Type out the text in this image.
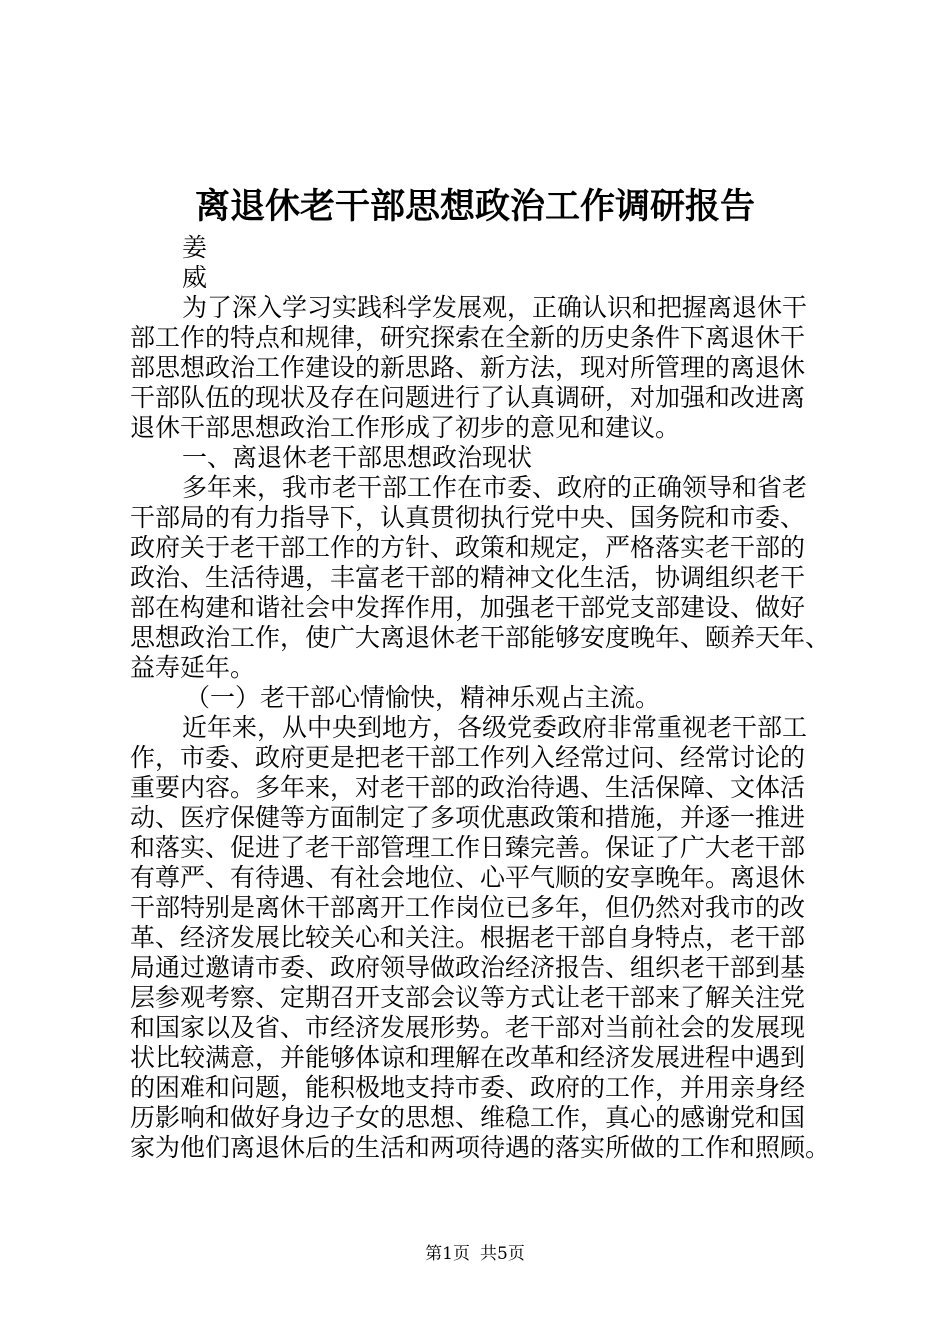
离退休老干部思想政治工作调研报告
姜
威
为了深入学习实践科学发展观，正确认识和把握离退休干
部工作的特点和规律，研究探索在全新的历史条件下离退休干
部思想政治工作建设的新思路、新方法，现对所管理的离退休
干部队伍的现状及存在问题进行了认真调研，对加强和改进离
退休干部思想政治工作形成了初步的意见和建议。
一、离退休老干部思想政治现状
多年来，我市老干部工作在市委、政府的正确领导和省老
干部局的有力指导下，认真贯彻执行党中央、国务院和市委、
政府关于老干部工作的方针、政策和规定，严格落实老干部的
政治、生活待遇，丰富老干部的精神文化生活，协调组织老干
部在构建和谐社会中发挥作用，加强老干部党支部建设、做好
思想政治工作，使广大离退休老干部能够安度晚年、颐养天年、
益寿延年。
（一）老干部心情愉快，精神乐观占主流。
近年来，从中央到地方，各级党委政府非常重视老干部工
作，市委、政府更是把老干部工作列入经常过问、经常讨论的
重要内容。多年来，对老干部的政治待遇、生活保障、文体活
动、医疗保健等方面制定了多项优惠政策和措施，并逐一推进
和落实、促进了老干部管理工作日臻完善。保证了广大老干部
有尊严、有待遇、有社会地位、心平气顺的安享晚年。离退休
干部特别是离休干部离开工作岗位已多年，但仍然对我市的改
革、经济发展比较关心和关注。根据老干部自身特点，老干部
局通过邀请市委、政府领导做政治经济报告、组织老干部到基
层参观考察、定期召开支部会议等方式让老干部来了解关注党
和国家以及省、市经济发展形势。老干部对当前社会的发展现
状比较满意，并能够体谅和理解在改革和经济发展进程中遇到
的困难和问题，能积极地支持市委、政府的工作，并用亲身经
历影响和做好身边子女的思想、维稳工作，真心的感谢党和国
家为他们离退休后的生活和两项待遇的落实所做的工作和照顾。
第1页 共5页
